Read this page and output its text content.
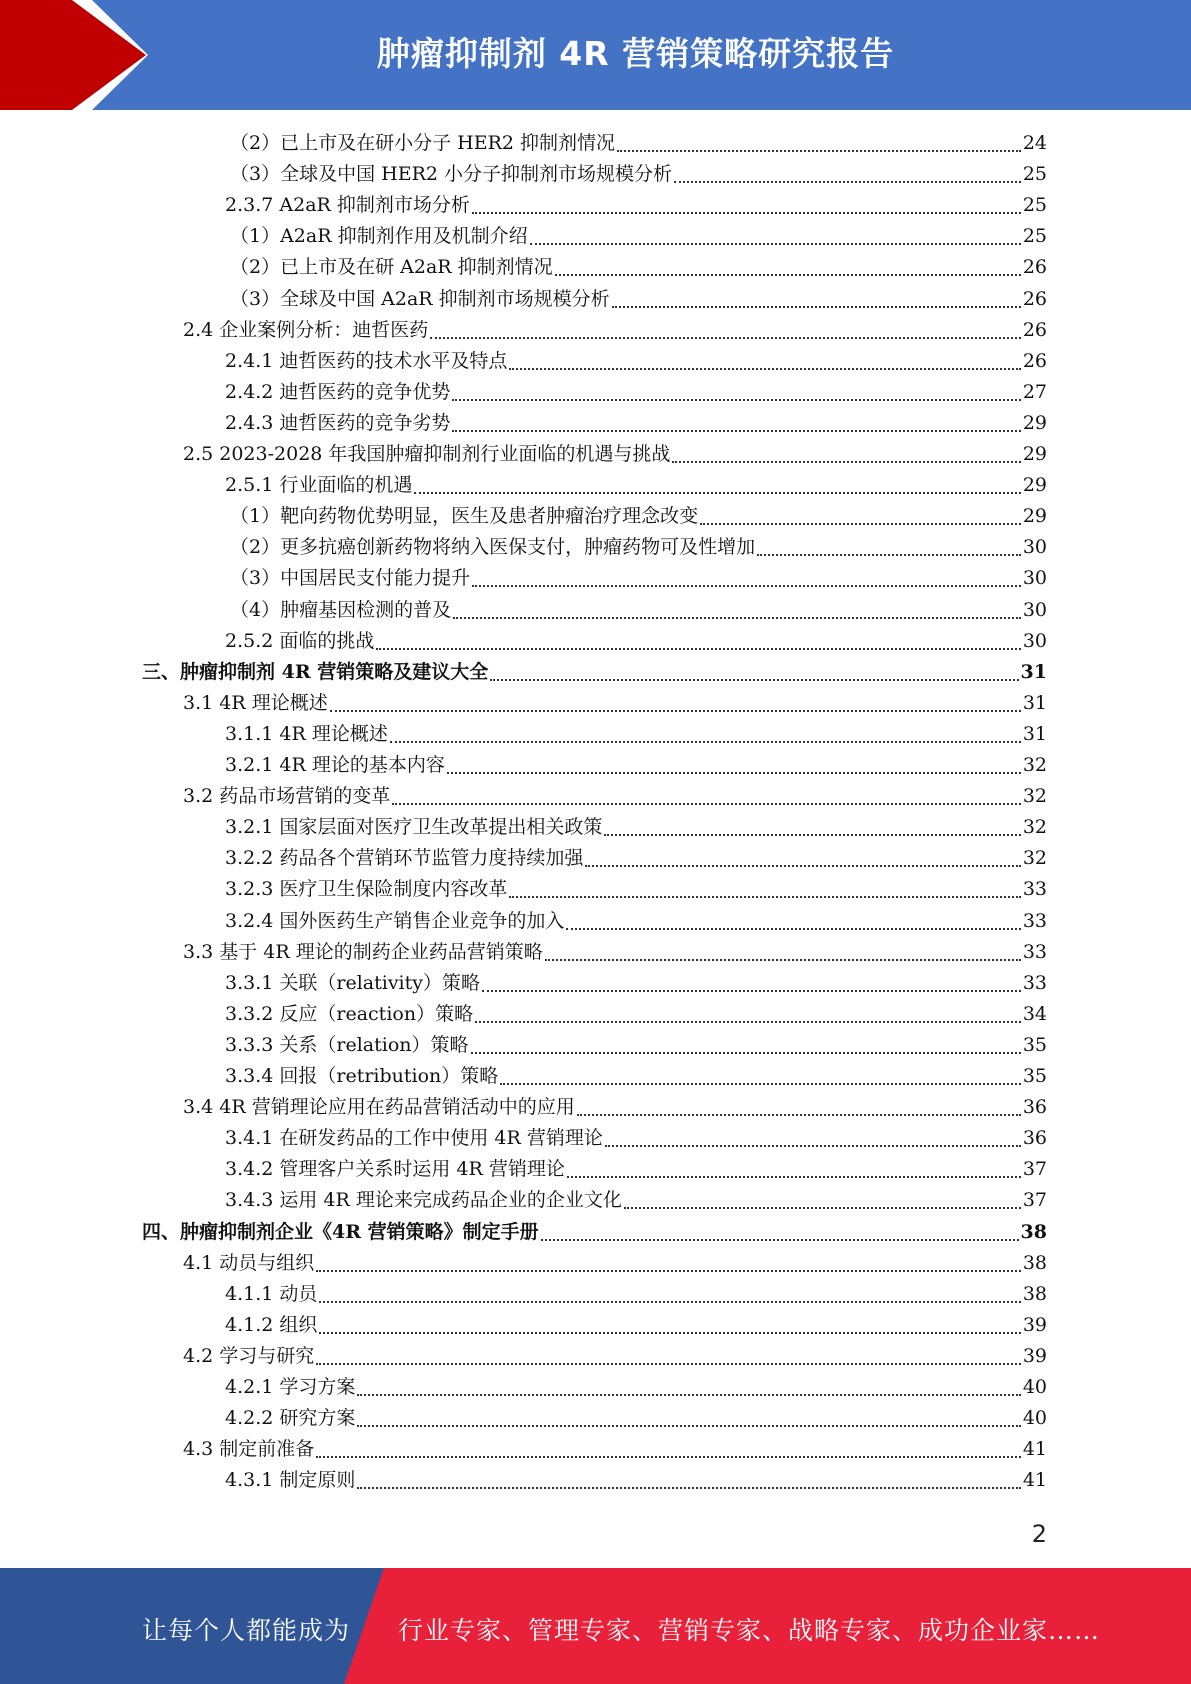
肿瘤抑制剂 4R 营销策略研究报告
（2）已上市及在研小分子 HER2 抑制剂情况	24
（3）全球及中国 HER2 小分子抑制剂市场规模分析	25
2.3.7 A2aR 抑制剂市场分析	25
（1）A2aR 抑制剂作用及机制介绍	25
（2）已上市及在研 A2aR 抑制剂情况	26
（3）全球及中国 A2aR 抑制剂市场规模分析	26
2.4 企业案例分析：迪哲医药	26
2.4.1 迪哲医药的技术水平及特点	26
2.4.2 迪哲医药的竞争优势	27
2.4.3 迪哲医药的竞争劣势	29
2.5 2023-2028 年我国肿瘤抑制剂行业面临的机遇与挑战	29
2.5.1 行业面临的机遇	29
（1）靶向药物优势明显，医生及患者肿瘤治疗理念改变	29
（2）更多抗癌创新药物将纳入医保支付，肿瘤药物可及性增加	30
（3）中国居民支付能力提升	30
（4）肿瘤基因检测的普及	30
2.5.2 面临的挑战	30
三、肿瘤抑制剂 4R 营销策略及建议大全	31
3.1 4R 理论概述	31
3.1.1 4R 理论概述	31
3.2.1 4R 理论的基本内容	32
3.2 药品市场营销的变革	32
3.2.1 国家层面对医疗卫生改革提出相关政策	32
3.2.2 药品各个营销环节监管力度持续加强	32
3.2.3 医疗卫生保险制度内容改革	33
3.2.4 国外医药生产销售企业竞争的加入	33
3.3 基于 4R 理论的制药企业药品营销策略	33
3.3.1 关联（relativity）策略	33
3.3.2 反应（reaction）策略	34
3.3.3 关系（relation）策略	35
3.3.4 回报（retribution）策略	35
3.4 4R 营销理论应用在药品营销活动中的应用	36
3.4.1 在研发药品的工作中使用 4R 营销理论	36
3.4.2 管理客户关系时运用 4R 营销理论	37
3.4.3 运用 4R 理论来完成药品企业的企业文化	37
四、肿瘤抑制剂企业《4R 营销策略》制定手册	38
4.1 动员与组织	38
4.1.1 动员	38
4.1.2 组织	39
4.2 学习与研究	39
4.2.1 学习方案	40
4.2.2 研究方案	40
4.3 制定前准备	41
4.3.1 制定原则	41
2
让每个人都能成为 行业专家、管理专家、营销专家、战略专家、成功企业家……
